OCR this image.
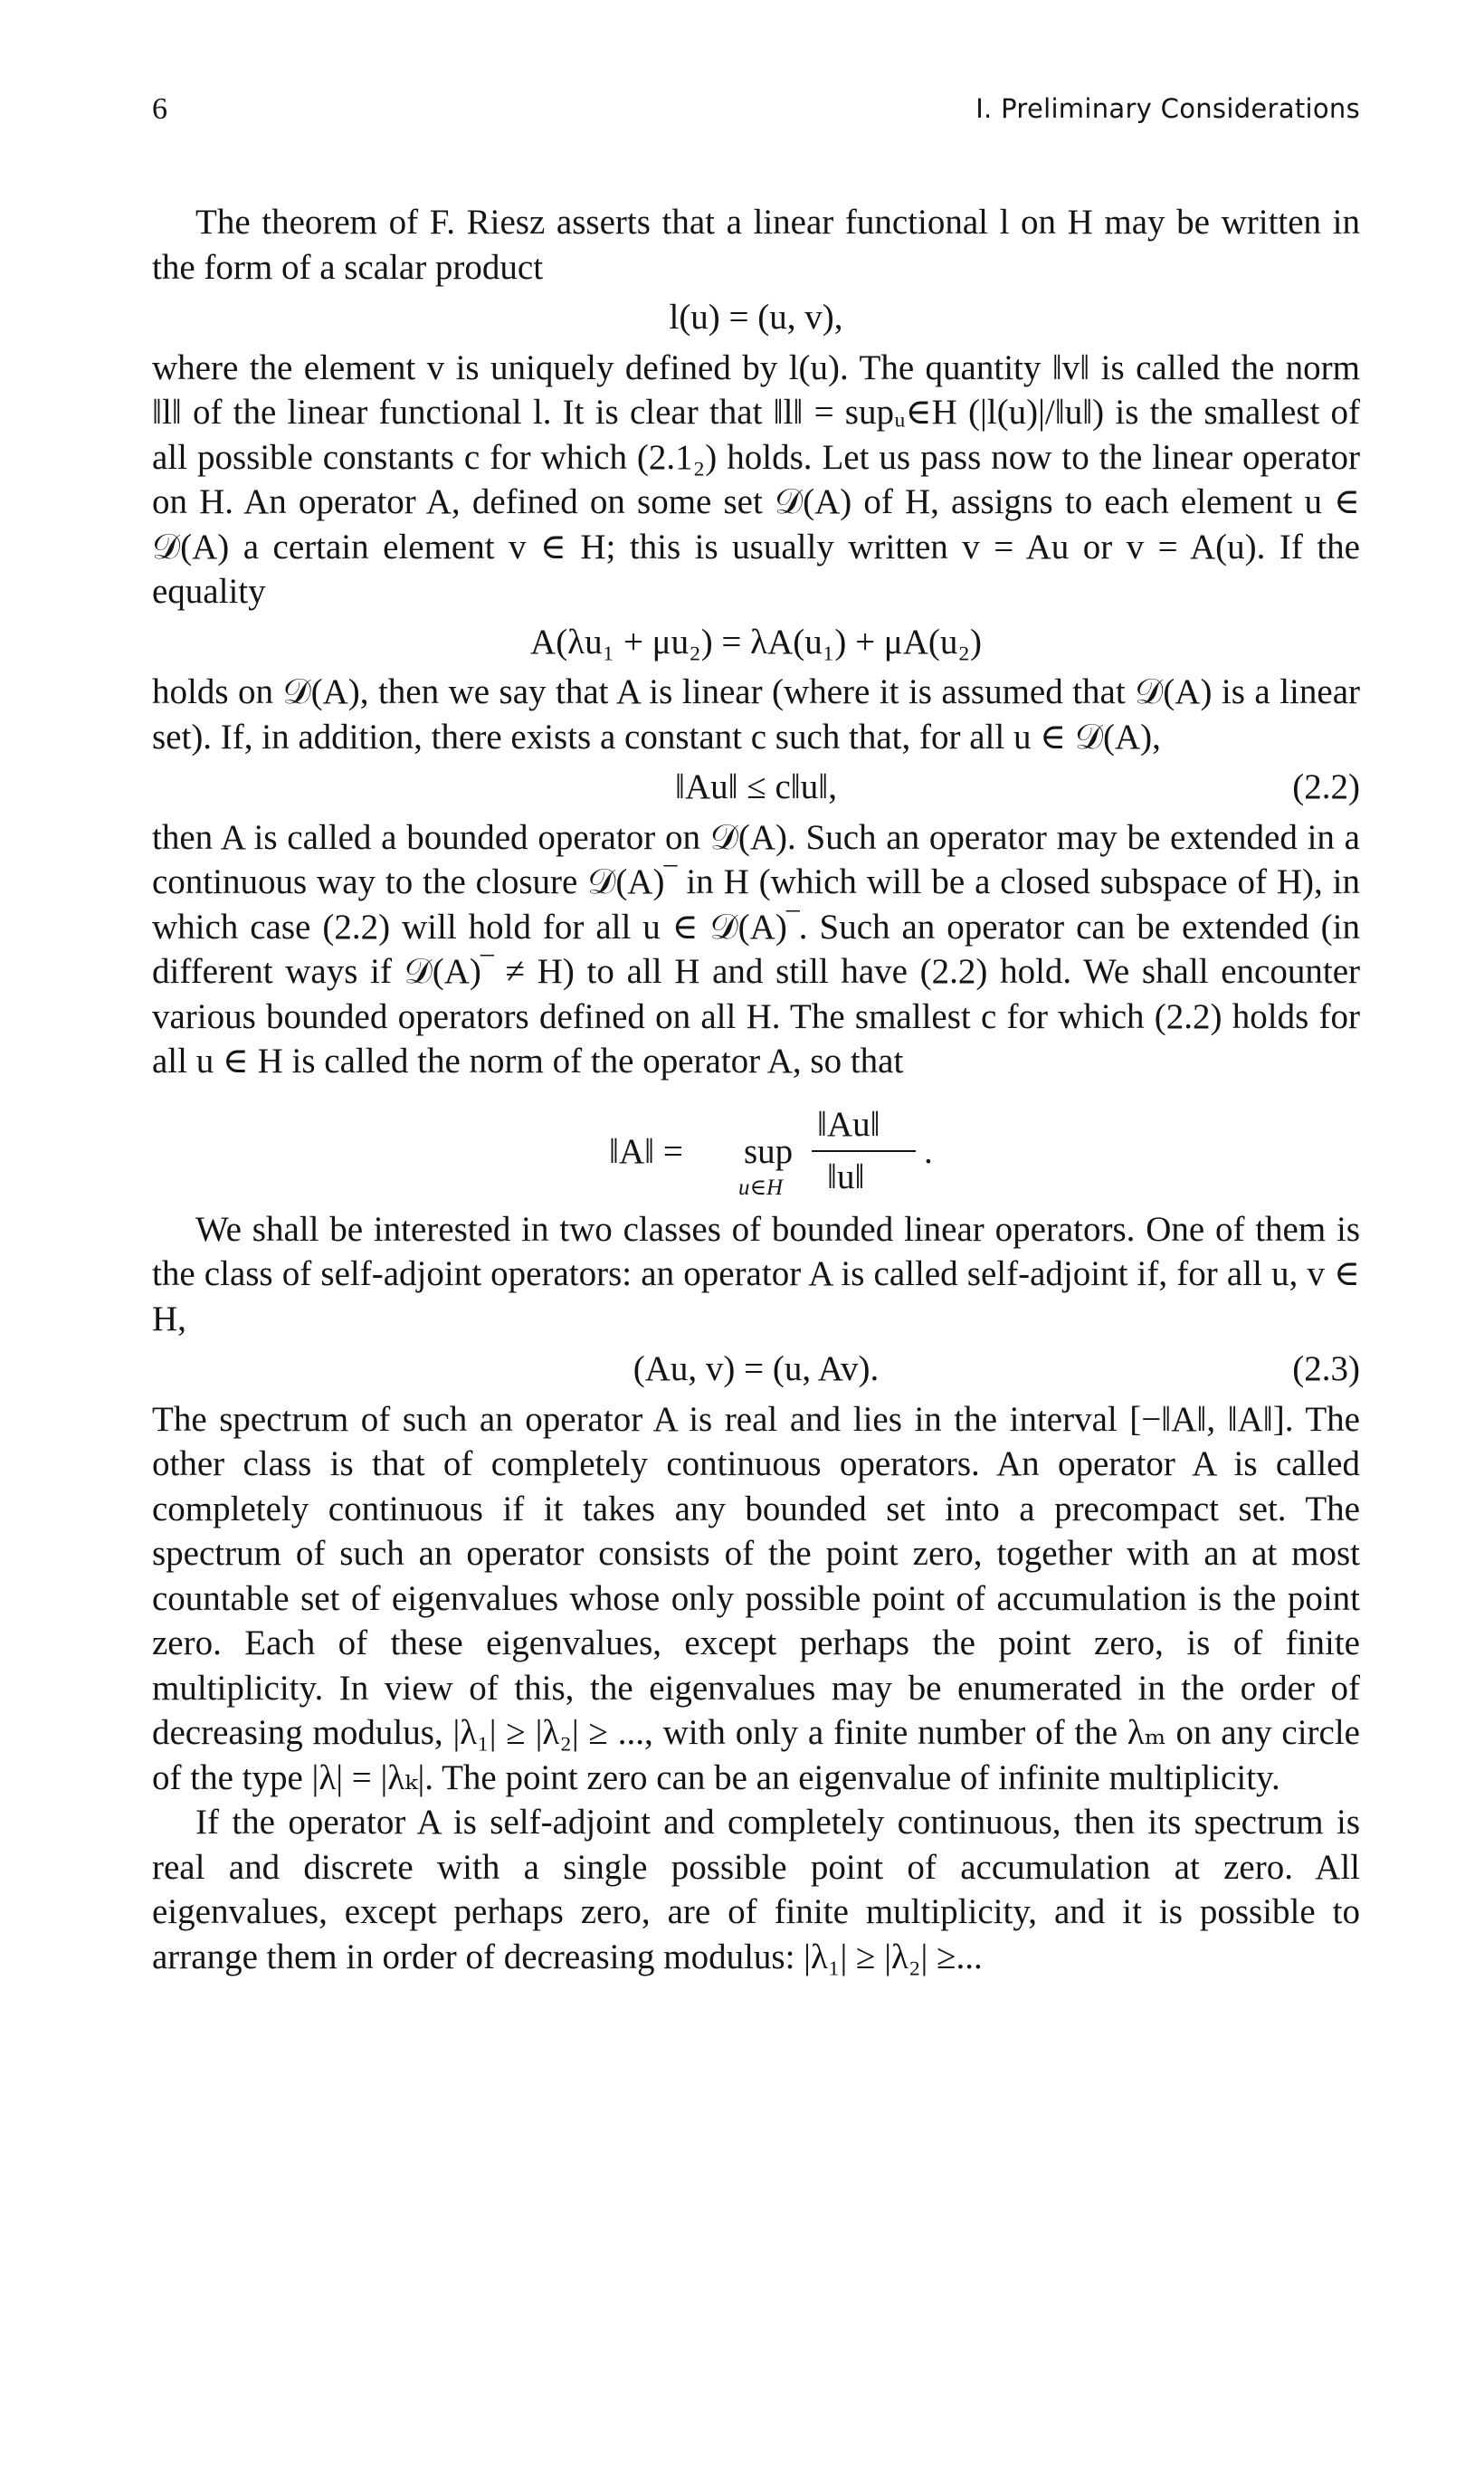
6	I. Preliminary Considerations

The theorem of F. Riesz asserts that a linear functional l on H may be written in the form of a scalar product

l(u) = (u, v),

where the element v is uniquely defined by l(u). The quantity ‖v‖ is called the norm ‖l‖ of the linear functional l. It is clear that ‖l‖ = supᵤ∈H (|l(u)|/‖u‖) is the smallest of all possible constants c for which (2.1₂) holds. Let us pass now to the linear operator on H. An operator A, defined on some set 𝒟(A) of H, assigns to each element u ∈ 𝒟(A) a certain element v ∈ H; this is usually written v = Au or v = A(u). If the equality

A(λu₁ + μu₂) = λA(u₁) + μA(u₂)

holds on 𝒟(A), then we say that A is linear (where it is assumed that 𝒟(A) is a linear set). If, in addition, there exists a constant c such that, for all u ∈ 𝒟(A),

‖Au‖ ≤ c‖u‖,	(2.2)

then A is called a bounded operator on 𝒟(A). Such an operator may be extended in a continuous way to the closure 𝒟(A)‾ in H (which will be a closed subspace of H), in which case (2.2) will hold for all u ∈ 𝒟(A)‾. Such an operator can be extended (in different ways if 𝒟(A)‾ ≠ H) to all H and still have (2.2) hold. We shall encounter various bounded operators defined on all H. The smallest c for which (2.2) holds for all u ∈ H is called the norm of the operator A, so that

‖A‖ = sup
u∈H
‖Au‖
‖u‖
.

We shall be interested in two classes of bounded linear operators. One of them is the class of self-adjoint operators: an operator A is called self-adjoint if, for all u, v ∈ H,

(Au, v) = (u, Av).	(2.3)

The spectrum of such an operator A is real and lies in the interval [−‖A‖, ‖A‖]. The other class is that of completely continuous operators. An operator A is called completely continuous if it takes any bounded set into a precompact set. The spectrum of such an operator consists of the point zero, together with an at most countable set of eigenvalues whose only possible point of accumulation is the point zero. Each of these eigenvalues, except perhaps the point zero, is of finite multiplicity. In view of this, the eigenvalues may be enumerated in the order of decreasing modulus, |λ₁| ≥ |λ₂| ≥ ..., with only a finite number of the λₘ on any circle of the type |λ| = |λₖ|. The point zero can be an eigenvalue of infinite multiplicity.

If the operator A is self-adjoint and completely continuous, then its spectrum is real and discrete with a single possible point of accumulation at zero. All eigenvalues, except perhaps zero, are of finite multiplicity, and it is possible to arrange them in order of decreasing modulus: |λ₁| ≥ |λ₂| ≥...
